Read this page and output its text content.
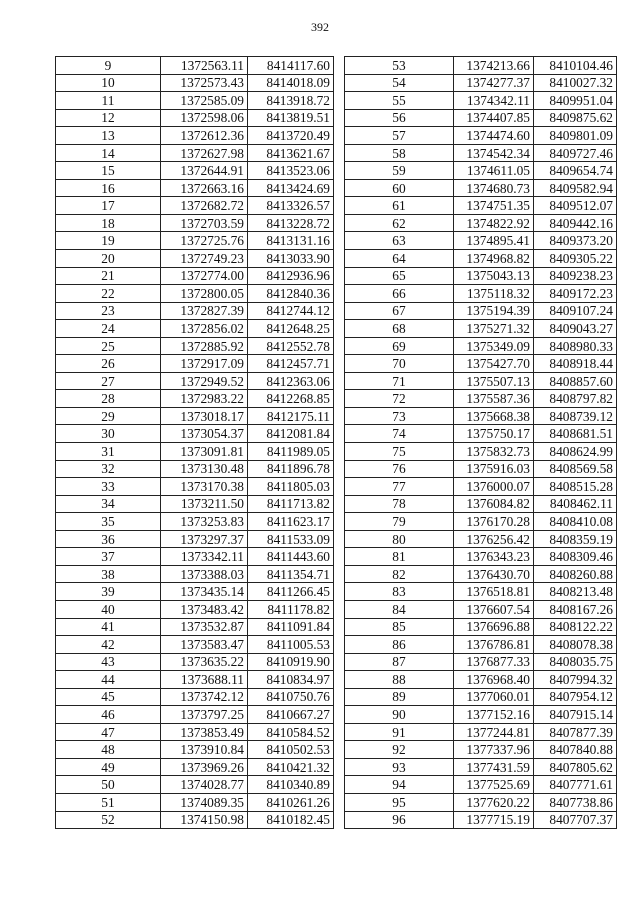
392
9	1372563.11	8414117.60
10	1372573.43	8414018.09
11	1372585.09	8413918.72
12	1372598.06	8413819.51
13	1372612.36	8413720.49
14	1372627.98	8413621.67
15	1372644.91	8413523.06
16	1372663.16	8413424.69
17	1372682.72	8413326.57
18	1372703.59	8413228.72
19	1372725.76	8413131.16
20	1372749.23	8413033.90
21	1372774.00	8412936.96
22	1372800.05	8412840.36
23	1372827.39	8412744.12
24	1372856.02	8412648.25
25	1372885.92	8412552.78
26	1372917.09	8412457.71
27	1372949.52	8412363.06
28	1372983.22	8412268.85
29	1373018.17	8412175.11
30	1373054.37	8412081.84
31	1373091.81	8411989.05
32	1373130.48	8411896.78
33	1373170.38	8411805.03
34	1373211.50	8411713.82
35	1373253.83	8411623.17
36	1373297.37	8411533.09
37	1373342.11	8411443.60
38	1373388.03	8411354.71
39	1373435.14	8411266.45
40	1373483.42	8411178.82
41	1373532.87	8411091.84
42	1373583.47	8411005.53
43	1373635.22	8410919.90
44	1373688.11	8410834.97
45	1373742.12	8410750.76
46	1373797.25	8410667.27
47	1373853.49	8410584.52
48	1373910.84	8410502.53
49	1373969.26	8410421.32
50	1374028.77	8410340.89
51	1374089.35	8410261.26
52	1374150.98	8410182.45
53	1374213.66	8410104.46
54	1374277.37	8410027.32
55	1374342.11	8409951.04
56	1374407.85	8409875.62
57	1374474.60	8409801.09
58	1374542.34	8409727.46
59	1374611.05	8409654.74
60	1374680.73	8409582.94
61	1374751.35	8409512.07
62	1374822.92	8409442.16
63	1374895.41	8409373.20
64	1374968.82	8409305.22
65	1375043.13	8409238.23
66	1375118.32	8409172.23
67	1375194.39	8409107.24
68	1375271.32	8409043.27
69	1375349.09	8408980.33
70	1375427.70	8408918.44
71	1375507.13	8408857.60
72	1375587.36	8408797.82
73	1375668.38	8408739.12
74	1375750.17	8408681.51
75	1375832.73	8408624.99
76	1375916.03	8408569.58
77	1376000.07	8408515.28
78	1376084.82	8408462.11
79	1376170.28	8408410.08
80	1376256.42	8408359.19
81	1376343.23	8408309.46
82	1376430.70	8408260.88
83	1376518.81	8408213.48
84	1376607.54	8408167.26
85	1376696.88	8408122.22
86	1376786.81	8408078.38
87	1376877.33	8408035.75
88	1376968.40	8407994.32
89	1377060.01	8407954.12
90	1377152.16	8407915.14
91	1377244.81	8407877.39
92	1377337.96	8407840.88
93	1377431.59	8407805.62
94	1377525.69	8407771.61
95	1377620.22	8407738.86
96	1377715.19	8407707.37
